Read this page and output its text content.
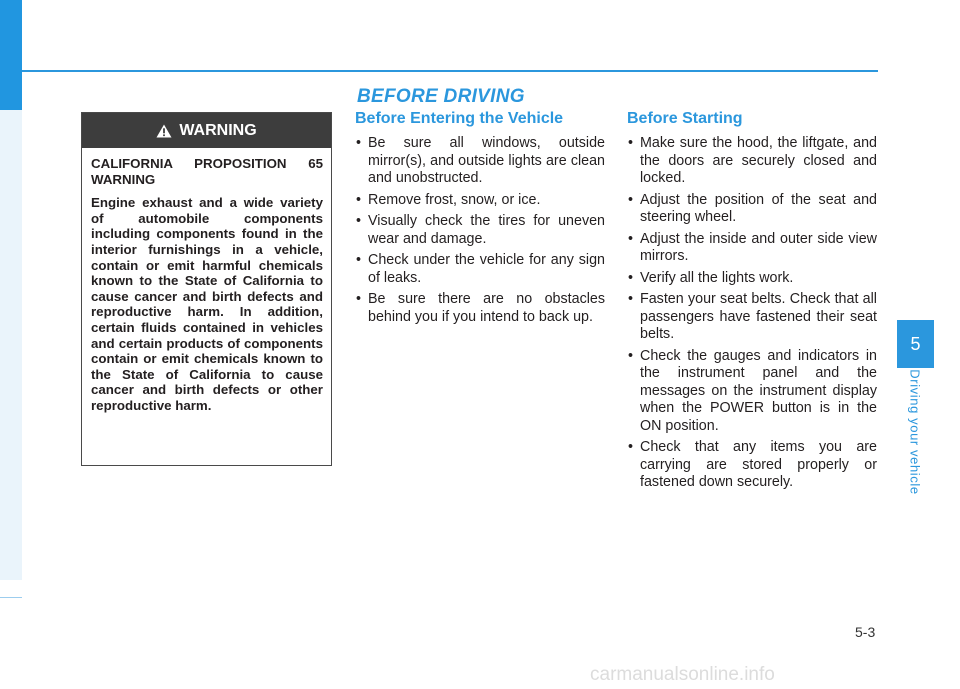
BEFORE DRIVING
WARNING

CALIFORNIA PROPOSITION 65 WARNING

Engine exhaust and a wide variety of automobile components including components found in the interior furnishings in a vehicle, contain or emit harmful chemicals known to the State of California to cause cancer and birth defects and reproductive harm. In addition, certain fluids contained in vehicles and certain products of components contain or emit chemicals known to the State of California to cause cancer and birth defects or other reproductive harm.

Before Entering the Vehicle
• Be sure all windows, outside mirror(s), and outside lights are clean and unobstructed.
• Remove frost, snow, or ice.
• Visually check the tires for uneven wear and damage.
• Check under the vehicle for any sign of leaks.
• Be sure there are no obstacles behind you if you intend to back up.
Before Starting
• Make sure the hood, the liftgate, and the doors are securely closed and locked.
• Adjust the position of the seat and steering wheel.
• Adjust the inside and outer side view mirrors.
• Verify all the lights work.
• Fasten your seat belts. Check that all passengers have fastened their seat belts.
• Check the gauges and indicators in the instrument panel and the messages on the instrument display when the POWER button is in the ON position.
• Check that any items you are carrying are stored properly or fastened down securely.
5
Driving your vehicle
5-3
carmanualsonline.info
